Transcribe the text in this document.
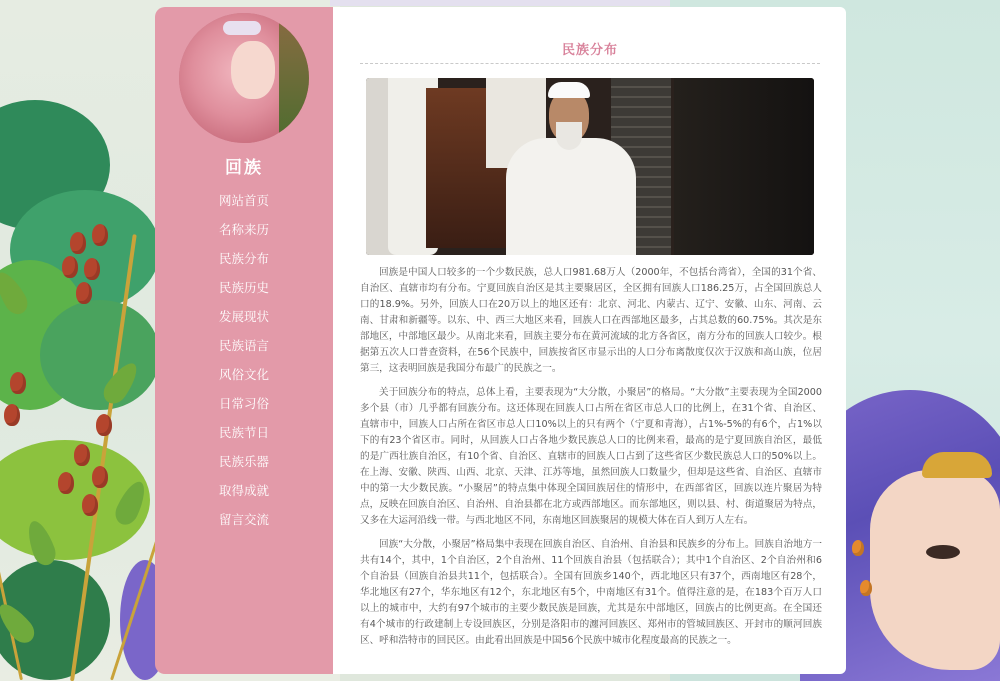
回族
网站首页
名称来历
民族分布
民族历史
发展现状
民族语言
风俗文化
日常习俗
民族节日
民族乐器
取得成就
留言交流
民族分布

回族是中国人口较多的一个少数民族，总人口981.68万人（2000年，不包括台湾省），全国的31个省、自治区、直辖市均有分布。宁夏回族自治区是其主要聚居区，全区拥有回族人口186.25万，占全国回族总人口的18.9%。另外，回族人口在20万以上的地区还有：北京、河北、内蒙古、辽宁、安徽、山东、河南、云南、甘肃和新疆等。以东、中、西三大地区来看，回族人口在西部地区最多，占其总数的60.75%。其次是东部地区，中部地区最少。从南北来看，回族主要分布在黄河流域的北方各省区，南方分布的回族人口较少。根据第五次人口普查资料，在56个民族中，回族按省区市显示出的人口分布离散度仅次于汉族和高山族，位居第三，这表明回族是我国分布最广的民族之一。

关于回族分布的特点，总体上看，主要表现为“大分散，小聚居”的格局。“大分散”主要表现为全国2000多个县（市）几乎都有回族分布。这还体现在回族人口占所在省区市总人口的比例上，在31个省、自治区、直辖市中，回族人口占所在省区市总人口10%以上的只有两个（宁夏和青海），占1%-5%的有6个，占1%以下的有23个省区市。同时，从回族人口占各地少数民族总人口的比例来看，最高的是宁夏回族自治区，最低的是广西壮族自治区，有10个省、自治区、直辖市的回族人口占到了这些省区少数民族总人口的50%以上。在上海、安徽、陕西、山西、北京、天津、江苏等地，虽然回族人口数量少，但却是这些省、自治区、直辖市中的第一大少数民族。“小聚居”的特点集中体现全国回族居住的情形中，在西部省区，回族以连片聚居为特点，反映在回族自治区、自治州、自治县都在北方或西部地区。而东部地区，则以县、村、街道聚居为特点，又多在大运河沿线一带。与西北地区不同，东南地区回族聚居的规模大体在百人到万人左右。

回族“大分散，小聚居”格局集中表现在回族自治区、自治州、自治县和民族乡的分布上。回族自治地方一共有14个，其中，1个自治区，2个自治州、11个回族自治县（包括联合）；其中1个自治区、2个自治州和6个自治县（回族自治县共11个，包括联合）。全国有回族乡140个，西北地区只有37个，西南地区有28个，华北地区有27个，华东地区有12个，东北地区有5个，中南地区有31个。值得注意的是，在183个百万人口以上的城市中，大约有97个城市的主要少数民族是回族，尤其是东中部地区，回族占的比例更高。在全国还有4个城市的行政建制上专设回族区，分别是洛阳市的瀍河回族区、郑州市的管城回族区、开封市的顺河回族区、呼和浩特市的回民区。由此看出回族是中国56个民族中城市化程度最高的民族之一。
